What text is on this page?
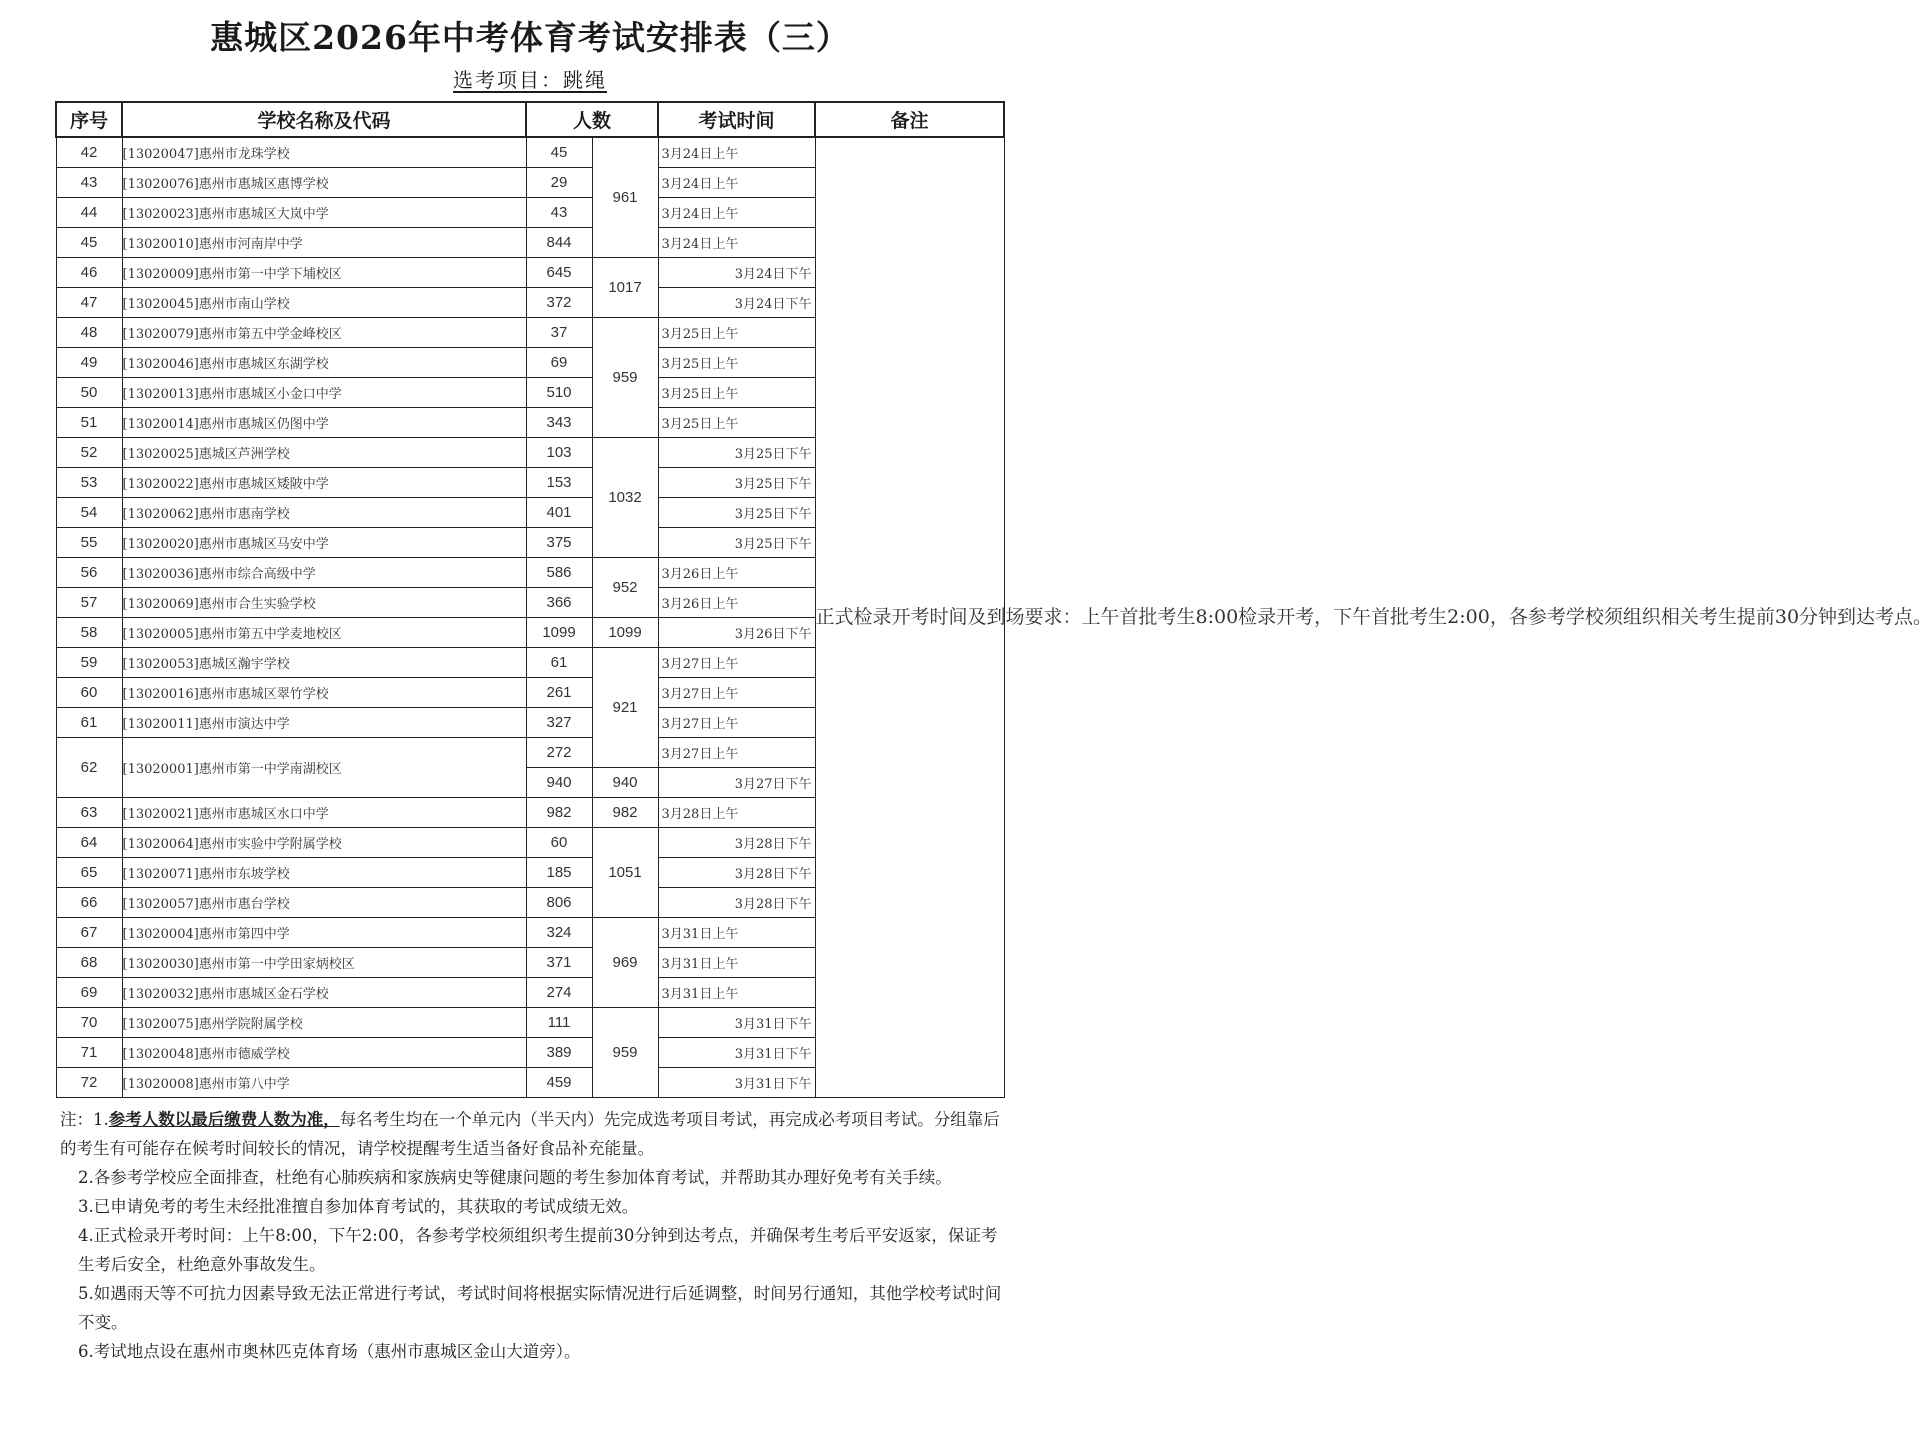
惠城区2026年中考体育考试安排表（三）
选考项目：跳绳
序号	学校名称及代码	人数		考试时间	备注
42	[13020047]惠州市龙珠学校	45	961	3月24日上午	正式检录开考时间及到场要求：上午首批考生8:00检录开考，下午首批考生2:00，各参考学校须组织相关考生提前30分钟到达考点。
43	[13020076]惠州市惠城区惠博学校	29		3月24日上午	
44	[13020023]惠州市惠城区大岚中学	43		3月24日上午	
45	[13020010]惠州市河南岸中学	844		3月24日上午	
46	[13020009]惠州市第一中学下埔校区	645	1017	3月24日下午	
47	[13020045]惠州市南山学校	372		3月24日下午	
48	[13020079]惠州市第五中学金峰校区	37	959	3月25日上午	
49	[13020046]惠州市惠城区东湖学校	69		3月25日上午	
50	[13020013]惠州市惠城区小金口中学	510		3月25日上午	
51	[13020014]惠州市惠城区仍图中学	343		3月25日上午	
52	[13020025]惠城区芦洲学校	103	1032	3月25日下午	
53	[13020022]惠州市惠城区矮陂中学	153		3月25日下午	
54	[13020062]惠州市惠南学校	401		3月25日下午	
55	[13020020]惠州市惠城区马安中学	375		3月25日下午	
56	[13020036]惠州市综合高级中学	586	952	3月26日上午	
57	[13020069]惠州市合生实验学校	366		3月26日上午	
58	[13020005]惠州市第五中学麦地校区	1099	1099	3月26日下午	
59	[13020053]惠城区瀚宇学校	61	921	3月27日上午	
60	[13020016]惠州市惠城区翠竹学校	261		3月27日上午	
61	[13020011]惠州市演达中学	327		3月27日上午	
62	[13020001]惠州市第一中学南湖校区	272		3月27日上午	
		940	940	3月27日下午	
63	[13020021]惠州市惠城区水口中学	982	982	3月28日上午	
64	[13020064]惠州市实验中学附属学校	60	1051	3月28日下午	
65	[13020071]惠州市东坡学校	185		3月28日下午	
66	[13020057]惠州市惠台学校	806		3月28日下午	
67	[13020004]惠州市第四中学	324	969	3月31日上午	
68	[13020030]惠州市第一中学田家炳校区	371		3月31日上午	
69	[13020032]惠州市惠城区金石学校	274		3月31日上午	
70	[13020075]惠州学院附属学校	111	959	3月31日下午	
71	[13020048]惠州市德威学校	389		3月31日下午	
72	[13020008]惠州市第八中学	459		3月31日下午	

注：1.参考人数以最后缴费人数为准，每名考生均在一个单元内（半天内）先完成选考项目考试，再完成必考项目考试。分组靠后的考生有可能存在候考时间较长的情况，请学校提醒考生适当备好食品补充能量。

2.各参考学校应全面排查，杜绝有心肺疾病和家族病史等健康问题的考生参加体育考试，并帮助其办理好免考有关手续。

3.已申请免考的考生未经批准擅自参加体育考试的，其获取的考试成绩无效。

4.正式检录开考时间：上午8:00，下午2:00，各参考学校须组织考生提前30分钟到达考点，并确保考生考后平安返家，保证考生考后安全，杜绝意外事故发生。

5.如遇雨天等不可抗力因素导致无法正常进行考试，考试时间将根据实际情况进行后延调整，时间另行通知，其他学校考试时间不变。

6.考试地点设在惠州市奥林匹克体育场（惠州市惠城区金山大道旁）。
